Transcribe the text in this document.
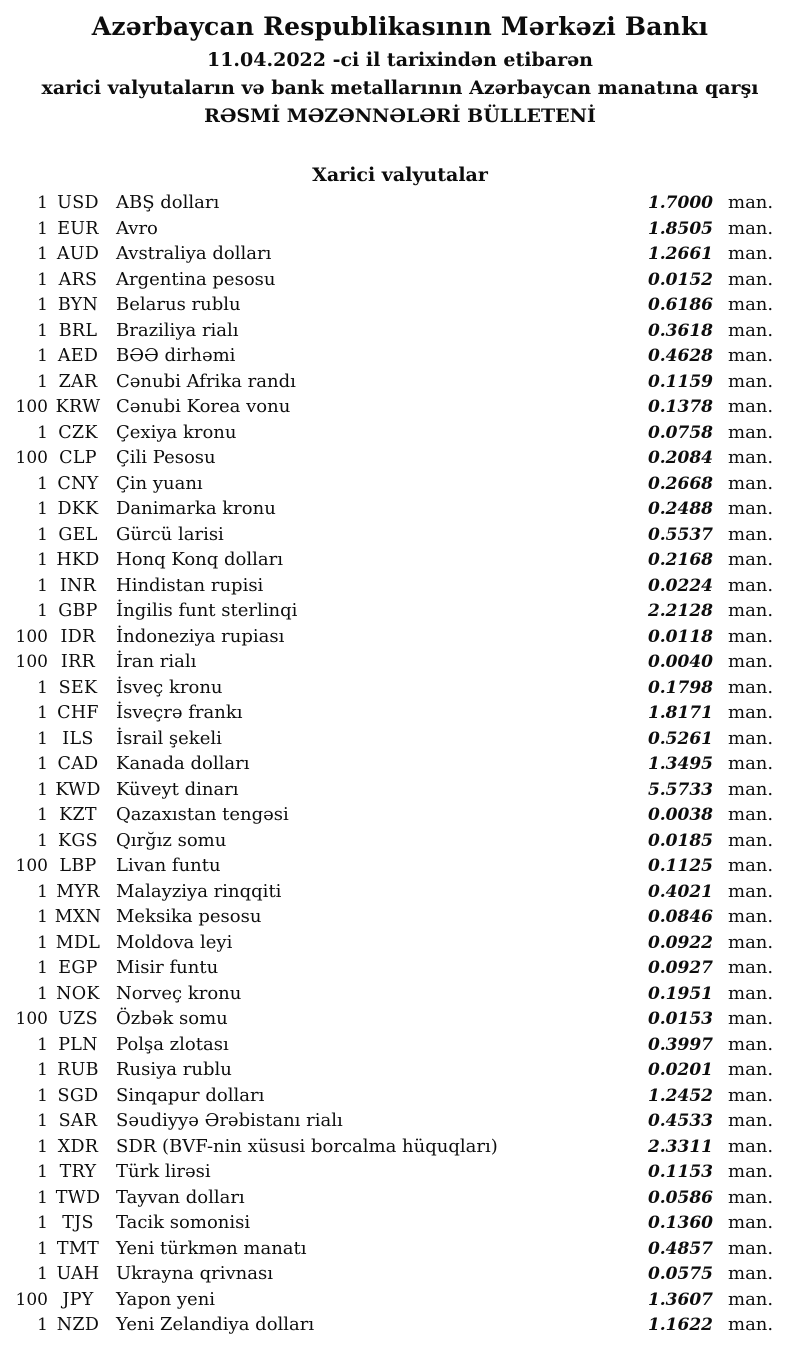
Azərbaycan Respublikasının Mərkəzi Bankı
11.04.2022 -ci il tarixindən etibarən
xarici valyutaların və bank metallarının Azərbaycan manatına qarşı
RƏSMİ MƏZƏNNƏLƏRİ BÜLLETENİ
Xarici valyutalar
1 USD ABŞ dolları	1.7000 man.
1 EUR Avro	1.8505 man.
1 AUD Avstraliya dolları	1.2661 man.
1 ARS	Argentina pesosu	0.0152 man.
1 BYN Belarus rublu	0.6186 man.
1 BRL	Braziliya rialı	0.3618 man.
1 AED BƏƏ dirhəmi	0.4628 man.
1 ZAR	Cənubi Afrika randı	0.1159 man.
100 KRW Cənubi Korea vonu	0.1378 man.
1 CZK	Çexiya kronu	0.0758 man.
100 CLP	Çili Pesosu	0.2084 man.
1 CNY Çin yuanı	0.2668 man.
1 DKK Danimarka kronu	0.2488 man.
1 GEL	Gürcü larisi	0.5537 man.
1 HKD Honq Konq dolları	0.2168 man.
1 INR	Hindistan rupisi	0.0224 man.
1 GBP	İngilis funt sterlinqi	2.2128 man.
100 IDR	İndoneziya rupiası	0.0118 man.
100 IRR	İran rialı	0.0040 man.
1 SEK	İsveç kronu	0.1798 man.
1 CHF İsveçrə frankı	1.8171 man.
1 ILS	İsrail şekeli	0.5261 man.
1 CAD Kanada dolları	1.3495 man.
1 KWD Küveyt dinarı	5.5733 man.
1 KZT	Qazaxıstan tengəsi	0.0038 man.
1 KGS	Qırğız somu	0.0185 man.
100 LBP	Livan funtu	0.1125 man.
1 MYR Malayziya rinqqiti	0.4021 man.
1 MXN Meksika pesosu	0.0846 man.
1 MDL Moldova leyi	0.0922 man.
1 EGP	Misir funtu	0.0927 man.
1 NOK Norveç kronu	0.1951 man.
100 UZS	Özbək somu	0.0153 man.
1 PLN	Polşa zlotası	0.3997 man.
1 RUB Rusiya rublu	0.0201 man.
1 SGD Sinqapur dolları	1.2452 man.
1 SAR	Səudiyyə Ərəbistanı rialı	0.4533 man.
1 XDR SDR (BVF-nin xüsusi borcalma hüquqları)	2.3311 man.
1 TRY	Türk lirəsi	0.1153 man.
1 TWD Tayvan dolları	0.0586 man.
1 TJS	Tacik somonisi	0.1360 man.
1 TMT Yeni türkmən manatı	0.4857 man.
1 UAH Ukrayna qrivnası	0.0575 man.
100 JPY	Yapon yeni	1.3607 man.
1 NZD Yeni Zelandiya dolları	1.1622 man.
